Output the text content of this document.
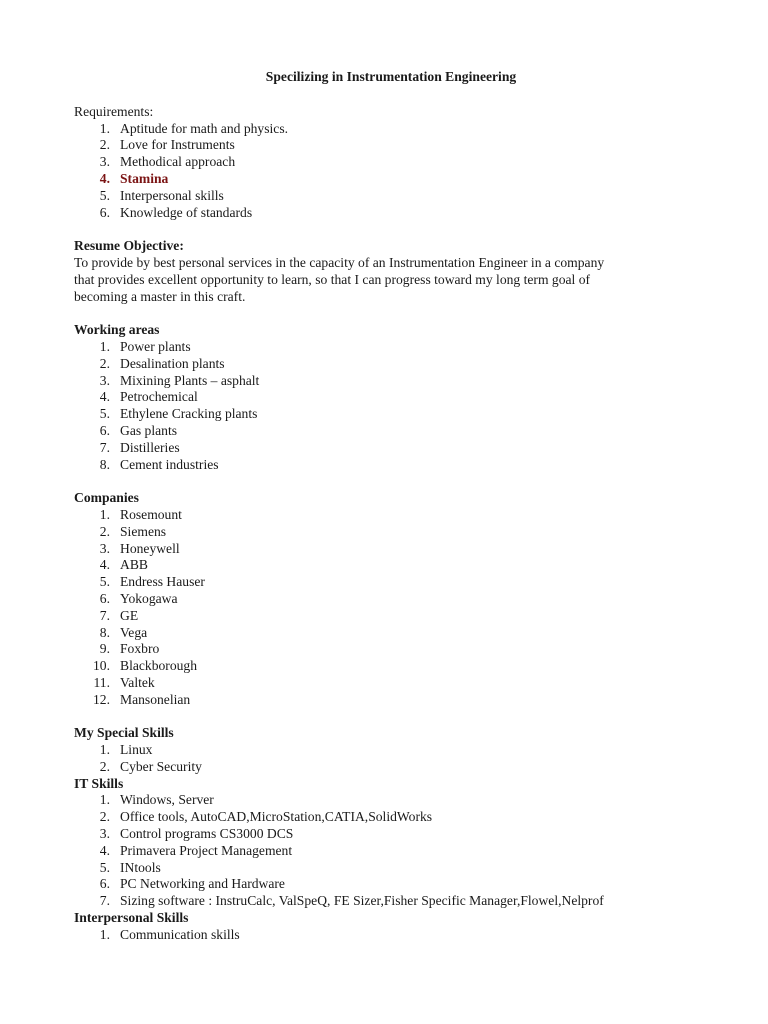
Specilizing in Instrumentation Engineering

Requirements:

1. Aptitude for math and physics.
2. Love for Instruments
3. Methodical approach
4. Stamina
5. Interpersonal skills
6. Knowledge of standards

Resume Objective:

To provide by best personal services in the capacity of an Instrumentation Engineer in a company

that provides excellent opportunity to learn, so that I can progress toward my long term goal of

becoming a master in this craft.

Working areas

1. Power plants
2. Desalination plants
3. Mixining Plants – asphalt
4. Petrochemical
5. Ethylene Cracking plants
6. Gas plants
7. Distilleries
8. Cement industries

Companies

1. Rosemount
2. Siemens
3. Honeywell
4. ABB
5. Endress Hauser
6. Yokogawa
7. GE
8. Vega
9. Foxbro
10. Blackborough
11. Valtek
12. Mansonelian

My Special Skills

1. Linux
2. Cyber Security

IT Skills

1. Windows, Server
2. Office tools, AutoCAD,MicroStation,CATIA,SolidWorks
3. Control programs CS3000 DCS
4. Primavera Project Management
5. INtools
6. PC Networking and Hardware
7. Sizing software : InstruCalc, ValSpeQ, FE Sizer,Fisher Specific Manager,Flowel,Nelprof

Interpersonal Skills

1. Communication skills
